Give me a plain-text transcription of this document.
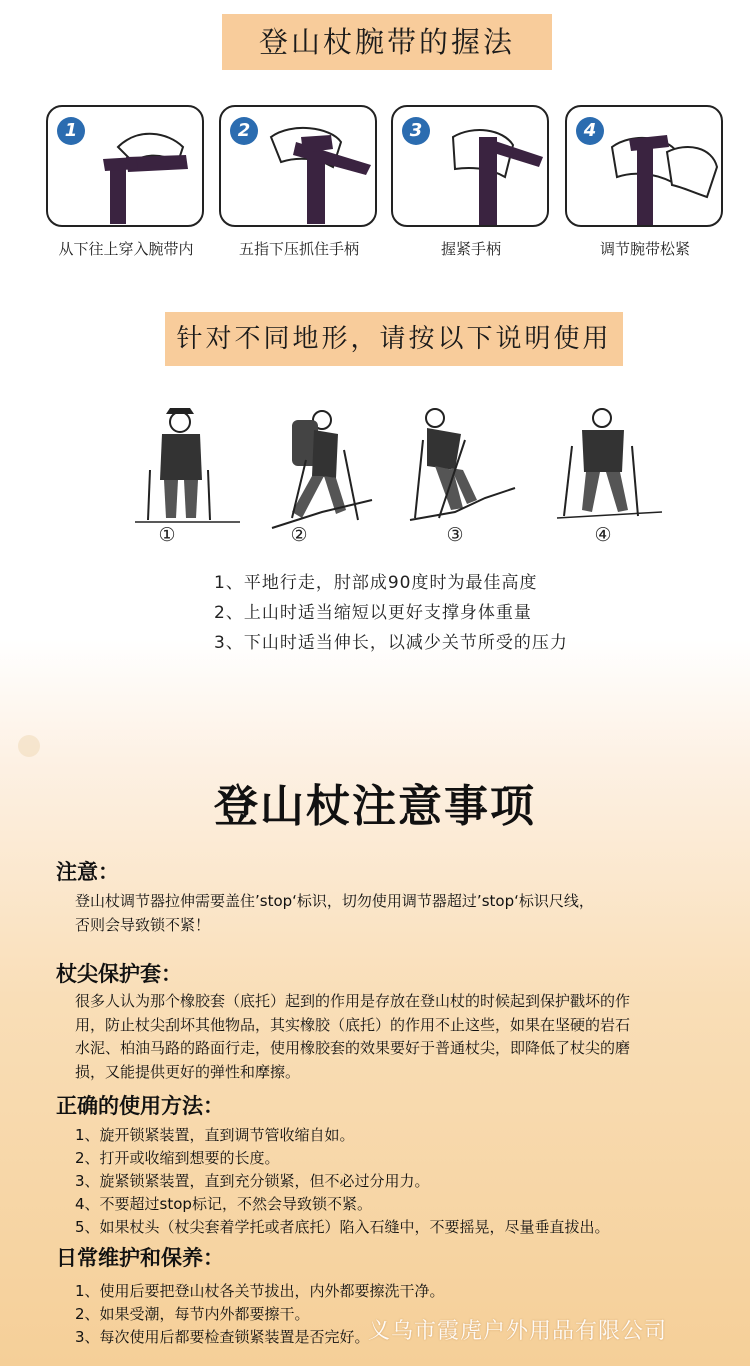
登山杖腕带的握法
1	2	3	4
从下往上穿入腕带内	五指下压抓住手柄	握紧手柄	调节腕带松紧
针对不同地形，请按以下说明使用
①	②	③	④
1、平地行走，肘部成90度时为最佳高度
2、上山时适当缩短以更好支撑身体重量
3、下山时适当伸长，以减少关节所受的压力
登山杖注意事项
注意：

登山杖调节器拉伸需要盖住’stop‘标识，切勿使用调节器超过’stop‘标识尺线，

否则会导致锁不紧！

杖尖保护套：

很多人认为那个橡胶套（底托）起到的作用是存放在登山杖的时候起到保护戳坏的作

用，防止杖尖刮坏其他物品，其实橡胶（底托）的作用不止这些，如果在坚硬的岩石

水泥、柏油马路的路面行走，使用橡胶套的效果要好于普通杖尖，即降低了杖尖的磨

损，又能提供更好的弹性和摩擦。

正确的使用方法：
1、旋开锁紧装置，直到调节管收缩自如。
2、打开或收缩到想要的长度。
3、旋紧锁紧装置，直到充分锁紧，但不必过分用力。
4、不要超过stop标记，不然会导致锁不紧。
5、如果杖头（杖尖套着学托或者底托）陷入石缝中，不要摇晃，尽量垂直拔出。
日常维护和保养：
1、使用后要把登山杖各关节拔出，内外都要擦洗干净。
2、如果受潮，每节内外都要擦干。
3、每次使用后都要检查锁紧装置是否完好。
义乌市霞虎户外用品有限公司
